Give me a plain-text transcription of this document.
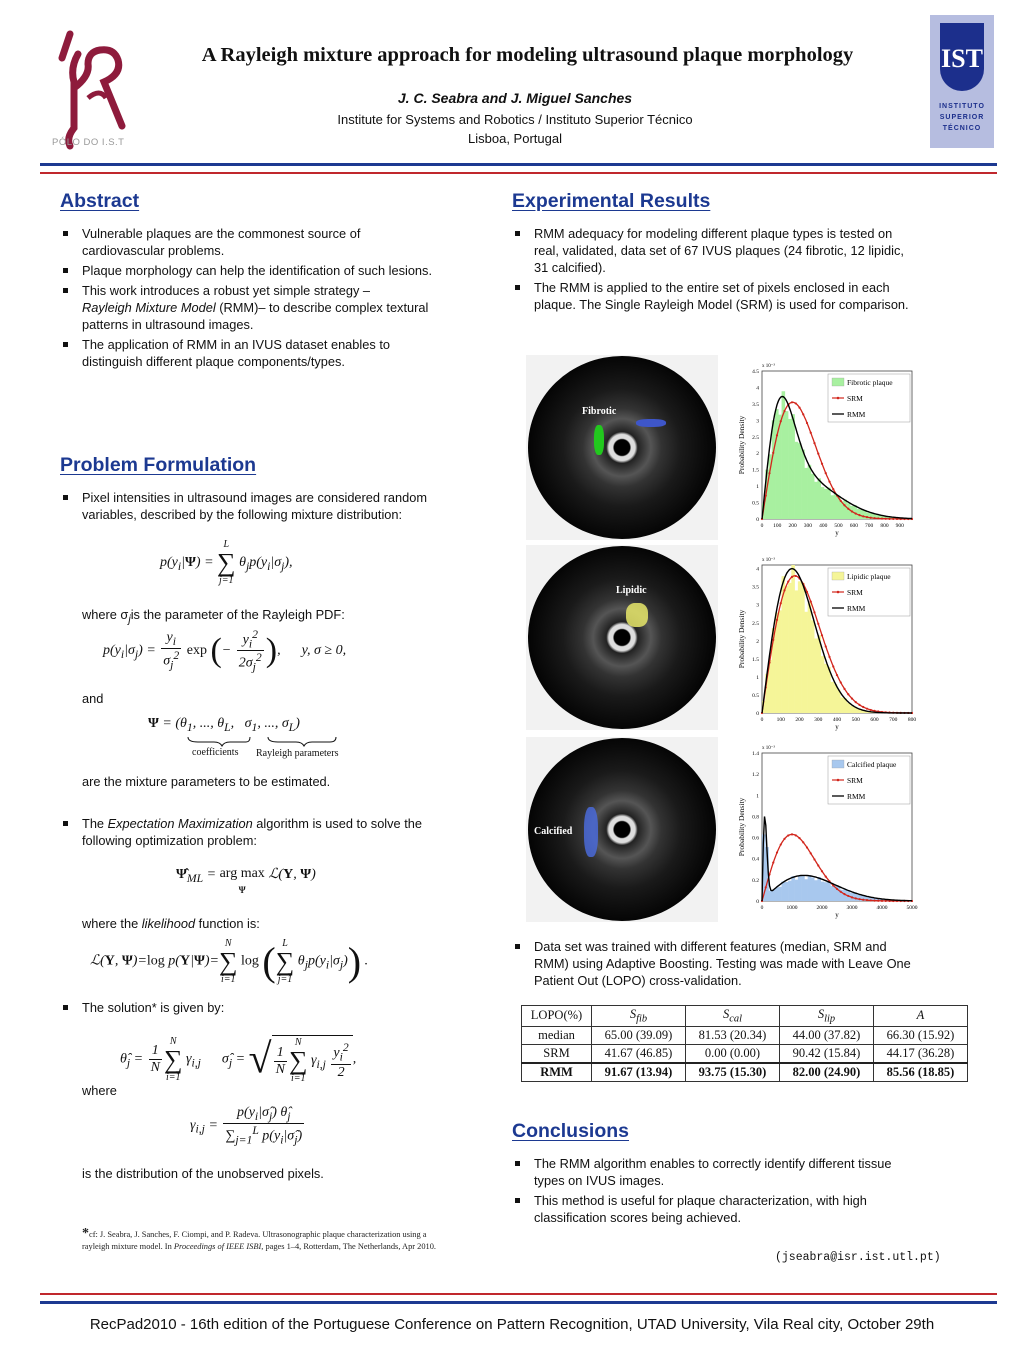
PÓLO DO I.S.T
A Rayleigh mixture approach for modeling ultrasound plaque morphology
J. C. Seabra and J. Miguel Sanches
Institute for Systems and Robotics / Instituto Superior Técnico
Lisboa, Portugal
IST
INSTITUTO
SUPERIOR
TÉCNICO
Abstract
Vulnerable plaques are the commonest source of cardiovascular problems.
Plaque morphology can help the identification of such lesions.
This work introduces a robust yet simple strategy –
Rayleigh Mixture Model (RMM)– to describe complex textural patterns in ultrasound images.
The application of RMM in an IVUS dataset enables to distinguish different plaque components/types.
Problem Formulation
Pixel intensities in ultrasound images are considered random variables, described by the following mixture distribution:
$p(y_i|\Psi)$ =
L
∑
j=1
$\theta_jp(y_i|\sigma_j)$,
where $\sigma_jis$ the parameter of the Rayleigh PDF:
$p(y_i|\sigma_j) = \frac{y_i}{\sigma_j^2}$ exp (− $\frac{y_i^2}{2\sigma_j^2}$ ),      y, σ ≥ 0,
and
$\Psi = (\theta_1$, ..., $\theta_L$,   $\sigma_1$, ..., $\sigma_L$)
coefficients Rayleigh parameters
are the mixture parameters to be estimated.
The Expectation Maximization algorithm is used to solve the following optimization problem:
$\Psî_{ML}$ = arg max
Ψ ℒ(Y, Ψ)
where the likelihood function is:
ℒ(Y, Ψ)=log p(Y|Ψ)=
N
∑
i=1
log ( L
∑
j=1
$\theta_jp(y_i|\sigma_j)$) .
The solution* is given by:
$\thetâ_j = \frac{1}{N}$
N
∑
i=1
$\gamma_{i,j}$      $\sigmâ_j$ = √ $\frac{1}{N}$
N
∑
i=1
$\gamma_{i,j} \frac{y_i^2}{2}$ ,
where
$\gamma_{i,j} = \frac{p(y_i|\sigmâ_j) \thetâ_j}{\sum_{j=1}^L p(y_i|\sigmâ_j)}$
is the distribution of the unobserved pixels.
*cf: J. Seabra, J. Sanches, F. Ciompi, and P. Radeva. Ultrasonographic plaque characterization using a rayleigh mixture model. In Proceedings of IEEE ISBI, pages 1–4, Rotterdam, The Netherlands, Apr 2010.
Experimental Results
RMM adequacy for modeling different plaque types is tested on real, validated, data set of 67 IVUS plaques (24 fibrotic, 12 lipidic, 31 calcified).
The RMM is applied to the entire set of pixels enclosed in each plaque. The Single Rayleigh Model (SRM) is used for comparison.
Fibrotic
Lipidic
Calcified
0 100 200 300 400 500 600 700 800 900
0
0.5
1
1.5
2
2.5
3
3.5
4
4.5
x 10⁻³
y
Probability Density
Fibrotic plaque
SRM
RMM
0 100 200 300 400 500 600 700 800
0
0.5
1
1.5
2
2.5
3
3.5
4
x 10⁻³
y
Probability Density
Lipidic plaque
SRM
RMM
0	1000	2000	3000	4000	5000
0
0.2
0.4
0.6
0.8
1
1.2
1.4
x 10⁻³
y
Probability Density
Calcified plaque
SRM
RMM
Data set was trained with different features (median, SRM and RMM) using Adaptive Boosting. Testing was made with Leave One Patient Out (LOPO) cross-validation.
LOPO(%)	$S_{fib}$	$S_{cal}$	$S_{lip}$	A
median	65.00 (39.09)	81.53 (20.34)	44.00 (37.82)	66.30 (15.92)
SRM	41.67 (46.85)	0.00 (0.00)	90.42 (15.84)	44.17 (36.28)
RMM	91.67 (13.94)	93.75 (15.30)	82.00 (24.90)	85.56 (18.85)
Conclusions
The RMM algorithm enables to correctly identify different tissue types on IVUS images.
This method is useful for plaque characterization, with high classification scores being achieved.
(jseabra@isr.ist.utl.pt)
RecPad2010 - 16th edition of the Portuguese Conference on Pattern Recognition, UTAD University, Vila Real city, October 29th
